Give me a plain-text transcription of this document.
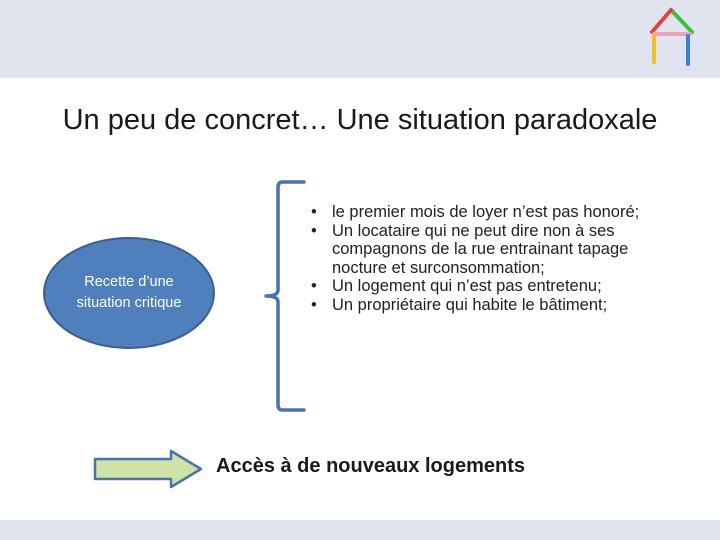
Un peu de concret… Une situation paradoxale
Recette d’une
situation critique
• le premier mois de loyer n’est pas honoré;
• Un locataire qui ne peut dire non à ses compagnons de la rue entrainant tapage nocture et surconsommation;
• Un logement qui n’est pas entretenu;
• Un propriétaire qui habite le bâtiment;
Accès à de nouveaux logements
